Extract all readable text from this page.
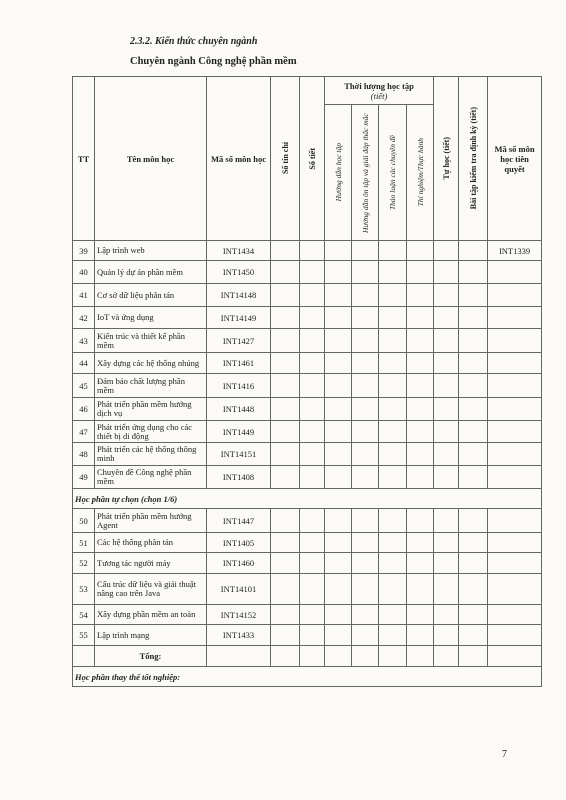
2.3.2. Kiến thức chuyên ngành
Chuyên ngành Công nghệ phần mềm
TT	Tên môn học	Mã số môn học	Số tín chỉ	Số tiết	Thời lượng học tập
(tiết)				Tự học (tiết)	Bài tập kiểm tra định kỳ (tiết)	Mã số môn học tiên quyết

					Hướng dẫn học tập	Hướng dẫn ôn tập và giải đáp thắc mắc	Thảo luận các chuyên đề	Thí nghiệm/Thực hành			

39	Lập trình web	INT1434									INT1339
40	Quản lý dự án phần mềm	INT1450									
41	Cơ sở dữ liệu phân tán	INT14148									
42	IoT và ứng dụng	INT14149									
43	Kiến trúc và thiết kế phần mềm	INT1427									
44	Xây dựng các hệ thống nhúng	INT1461									
45	Đảm bảo chất lượng phần mềm	INT1416									
46	Phát triển phần mềm hướng dịch vụ	INT1448									
47	Phát triển ứng dụng cho các thiết bị di động	INT1449									
48	Phát triển các hệ thống thông minh	INT14151									
49	Chuyên đề Công nghệ phần mềm	INT1408									
Học phần tự chọn (chọn 1/6)											
50	Phát triển phần mềm hướng Agent	INT1447									
51	Các hệ thống phân tán	INT1405									
52	Tương tác người máy	INT1460									
53	Cấu trúc dữ liệu và giải thuật nâng cao trên Java	INT14101									
54	Xây dựng phần mềm an toàn	INT14152									
55	Lập trình mạng	INT1433									
	Tổng:										
Học phần thay thế tốt nghiệp:											
7
